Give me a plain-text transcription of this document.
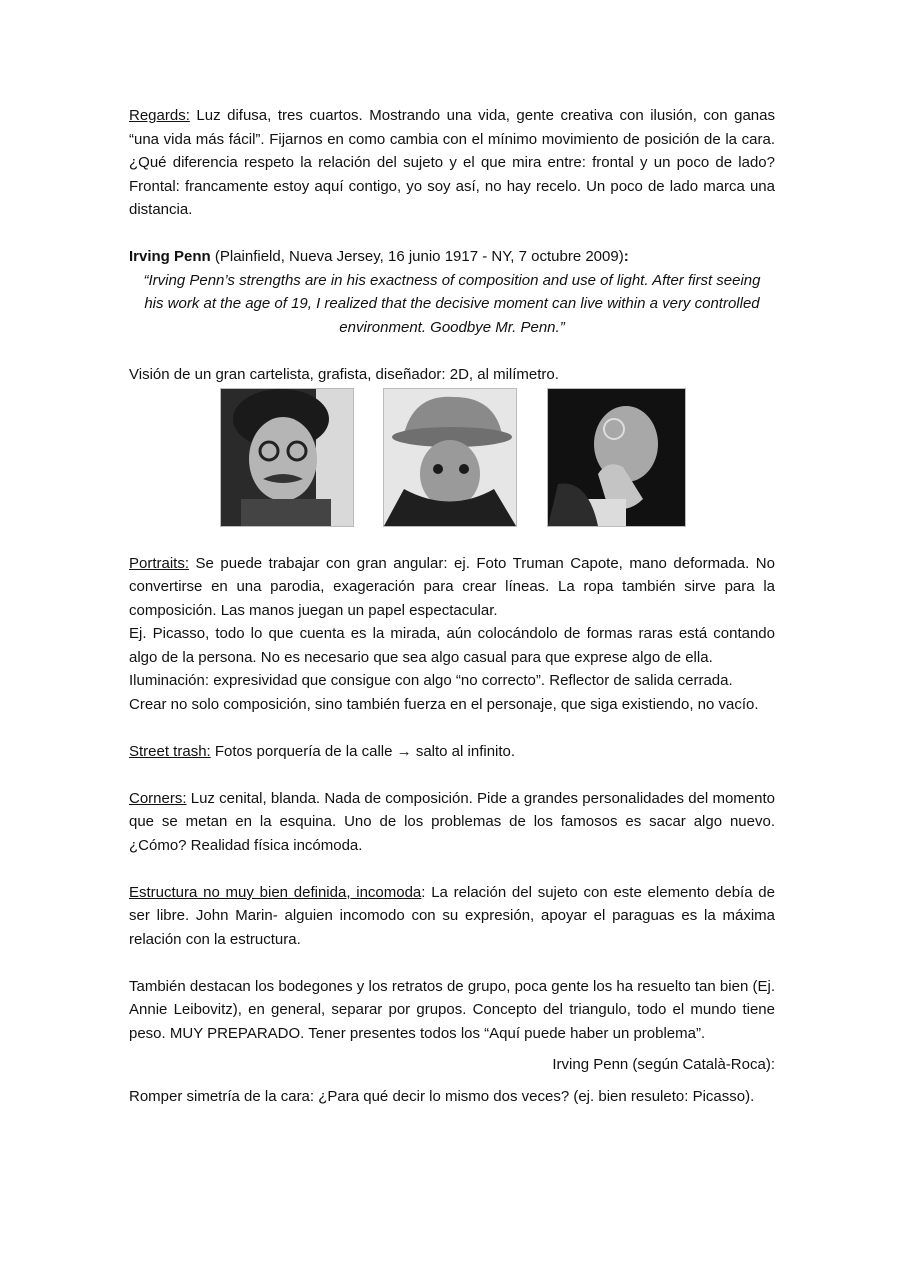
Regards: Luz difusa, tres cuartos. Mostrando una vida, gente creativa con ilusión, con ganas “una vida más fácil”. Fijarnos en como cambia con el mínimo movimiento de posición de la cara. ¿Qué diferencia respeto la relación del sujeto y el que mira entre: frontal y un poco de lado? Frontal: francamente estoy aquí contigo, yo soy así, no hay recelo. Un poco de lado marca una distancia.

Irving Penn (Plainfield, Nueva Jersey, 16 junio 1917 - NY, 7 octubre 2009):

“Irving Penn’s strengths are in his exactness of composition and use of light. After first seeing

his work at the age of 19, I realized that the decisive moment can live within a very controlled

environment. Goodbye Mr. Penn.”

Visión de un gran cartelista, grafista, diseñador: 2D, al milímetro.

Portraits: Se puede trabajar con gran angular: ej. Foto Truman Capote, mano deformada. No convertirse en una parodia, exageración para crear líneas. La ropa también sirve para la composición. Las manos juegan un papel espectacular.

Ej. Picasso, todo lo que cuenta es la mirada, aún colocándolo de formas raras está contando algo de la persona. No es necesario que sea algo casual para que exprese algo de ella.

Iluminación: expresividad que consigue con algo “no correcto”. Reflector de salida cerrada.

Crear no solo composición, sino también fuerza en el personaje, que siga existiendo, no vacío.

Street trash: Fotos porquería de la calle → salto al infinito.

Corners: Luz cenital, blanda. Nada de composición. Pide a grandes personalidades del momento que se metan en la esquina. Uno de los problemas de los famosos es sacar algo nuevo. ¿Cómo? Realidad física incómoda.

Estructura no muy bien definida, incomoda: La relación del sujeto con este elemento debía de ser libre. John Marin- alguien incomodo con su expresión, apoyar el paraguas es la máxima relación con la estructura.

También destacan los bodegones y los retratos de grupo, poca gente los ha resuelto tan bien (Ej. Annie Leibovitz), en general, separar por grupos. Concepto del triangulo, todo el mundo tiene peso. MUY PREPARADO. Tener presentes todos los “Aquí puede haber un problema”.

Irving Penn (según Català-Roca):

Romper simetría de la cara: ¿Para qué decir lo mismo dos veces? (ej. bien resuleto: Picasso).
